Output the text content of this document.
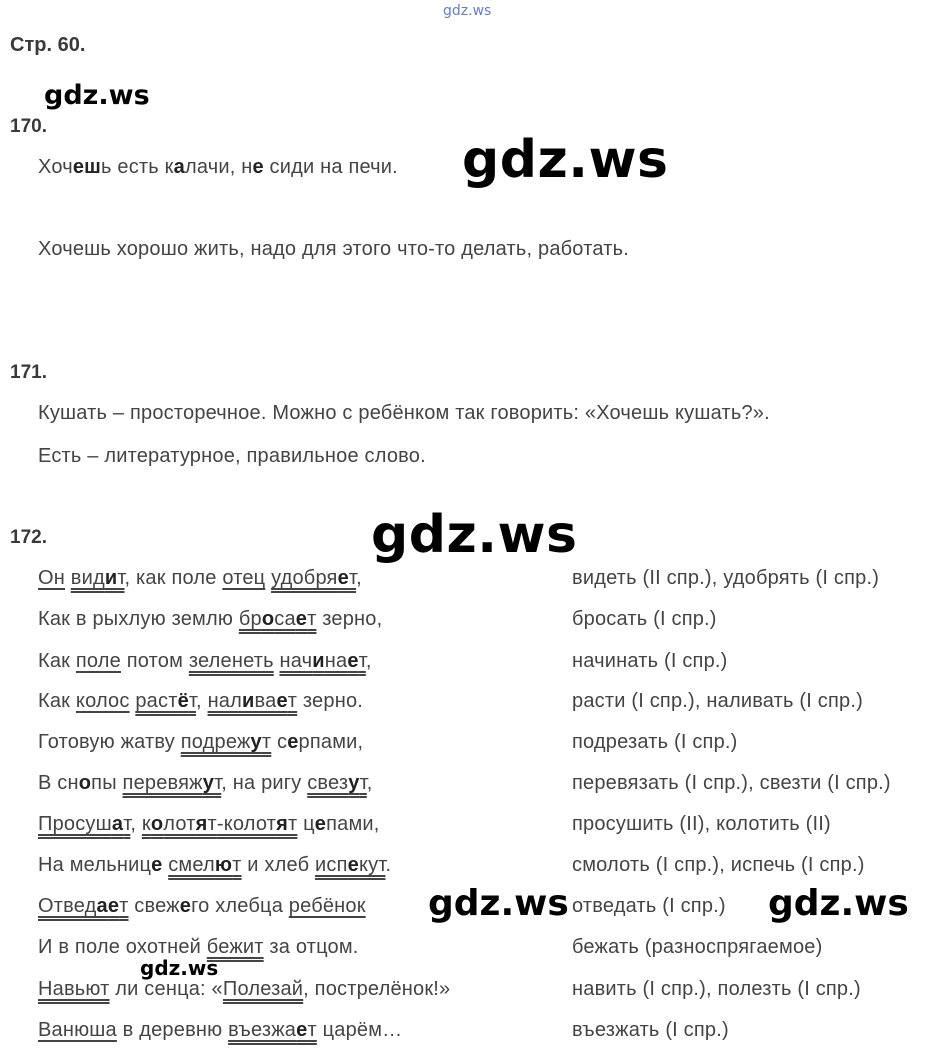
gdz.ws
Стр. 60.
gdz.ws
gdz.ws
gdz.ws
gdz.ws	gdz.ws
gdz.ws
170.
Хочешь есть калачи, не сиди на печи.
Хочешь хорошо жить, надо для этого что-то делать, работать.
171.
Кушать – просторечное. Можно с ребёнком так говорить: «Хочешь кушать?».
Есть – литературное, правильное слово.
172.
Он видит, как поле отец удобряет,
Как в рыхлую землю бросает зерно,
Как поле потом зеленеть начинает,
Как колос растёт, наливает зерно.
Готовую жатву подрежут серпами,
В снопы перевяжут, на ригу свезут,
Просушат, колотят-колотят цепами,
На мельнице смелют и хлеб испекут.
Отведает свежего хлебца ребёнок
И в поле охотней бежит за отцом.
Навьют ли сенца: «Полезай, пострелёнок!»
Ванюша в деревню въезжает царём…
видеть (II спр.), удобрять (I спр.)
бросать (I спр.)
начинать (I спр.)
расти (I спр.), наливать (I спр.)
подрезать (I спр.)
перевязать (I спр.), свезти (I спр.)
просушить (II), колотить (II)
смолоть (I спр.), испечь (I спр.)
отведать (I спр.)
бежать (разноспрягаемое)
навить (I спр.), полезть (I спр.)
въезжать (I спр.)
